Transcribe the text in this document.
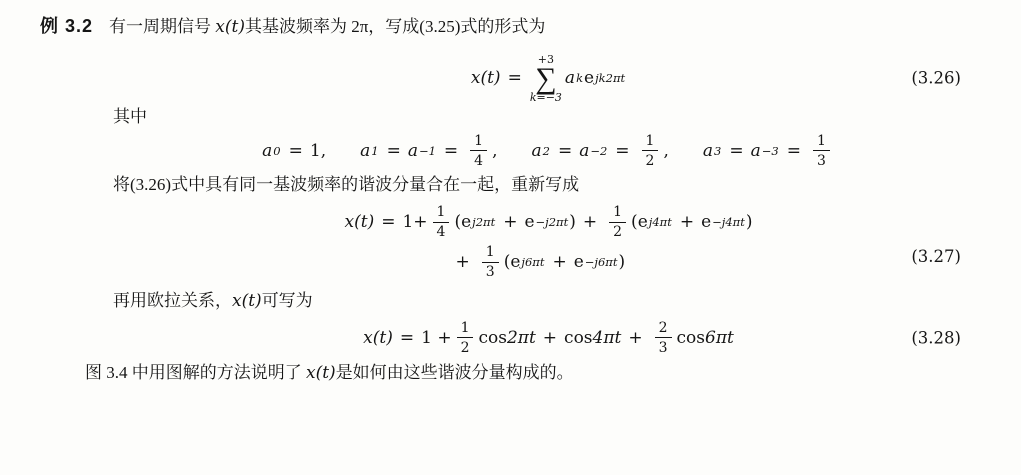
例 3.2 有一周期信号 x(t)其基波频率为 2π，写成(3.25)式的形式为
x(t) =
+3
∑
k=−3
a k e jk2πt	(3.26)
其中
a 0 = 1 , a $1 = a -1 = \frac{1}{4}$ , a $2 = a -2 = \frac{1}{2}$ , a $3 = a -3 = \frac{1}{3}$
将(3.26)式中具有同一基波频率的谐波分量合在一起，重新写成
$x(t) = 1+ \frac{1}{4}$ ( e j2πt + e −j2πt ) + $\frac{1}{2}$ ( e j4πt + e −j4πt )
+ $\frac{1}{3}$ ( e j6πt + e −j6πt )	(3.27)
再用欧拉关系，x(t)可写为
$x(t) = 1 + \frac{1}{2}$ $\cos 2\pi t + \cos 4\pi t + \frac{2}{3}$ cos 6πt	(3.28)
图 3.4 中用图解的方法说明了 x(t)是如何由这些谐波分量构成的。
